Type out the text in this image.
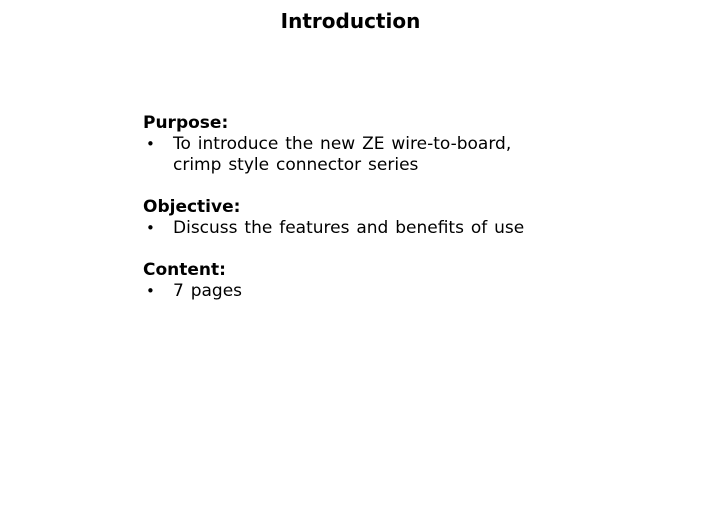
Introduction
Purpose:
•	To introduce the new ZE wire-to-board,
crimp style connector series
Objective:
•	Discuss the features and benefits of use
Content:
•	7 pages
